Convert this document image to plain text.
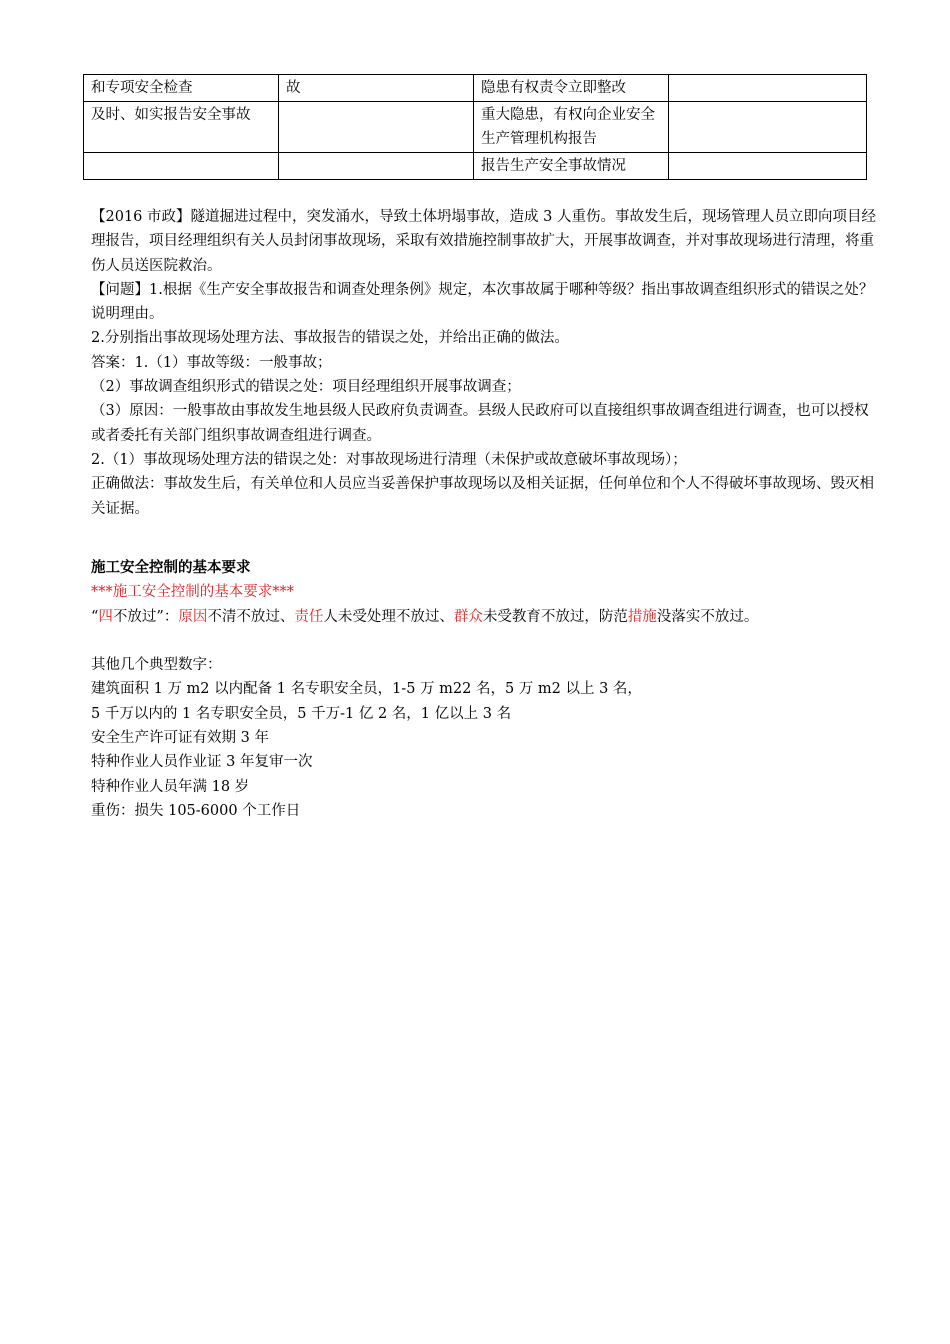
和专项安全检查	故	隐患有权责令立即整改	
及时、如实报告安全事故		重大隐患，有权向企业安全生产管理机构报告	
		报告生产安全事故情况	

【2016 市政】隧道掘进过程中，突发涌水，导致土体坍塌事故，造成 3 人重伤。事故发生后，现场管理人员立即向项目经理报告，项目经理组织有关人员封闭事故现场，采取有效措施控制事故扩大，开展事故调查，并对事故现场进行清理，将重伤人员送医院救治。

【问题】1.根据《生产安全事故报告和调查处理条例》规定，本次事故属于哪种等级？指出事故调查组织形式的错误之处？说明理由。

2.分别指出事故现场处理方法、事故报告的错误之处，并给出正确的做法。

答案：1.（1）事故等级：一般事故；

（2）事故调查组织形式的错误之处：项目经理组织开展事故调查；

（3）原因：一般事故由事故发生地县级人民政府负责调查。县级人民政府可以直接组织事故调查组进行调查，也可以授权或者委托有关部门组织事故调查组进行调查。

2.（1）事故现场处理方法的错误之处：对事故现场进行清理（未保护或故意破坏事故现场）；

正确做法：事故发生后，有关单位和人员应当妥善保护事故现场以及相关证据，任何单位和个人不得破坏事故现场、毁灭相关证据。

施工安全控制的基本要求

***施工安全控制的基本要求***

“四不放过”：原因不清不放过、责任人未受处理不放过、群众未受教育不放过，防范措施没落实不放过。

其他几个典型数字：

建筑面积 1 万 m2 以内配备 1 名专职安全员，1-5 万 m22 名，5 万 m2 以上 3 名，

5 千万以内的 1 名专职安全员，5 千万-1 亿 2 名，1 亿以上 3 名

安全生产许可证有效期 3 年

特种作业人员作业证 3 年复审一次

特种作业人员年满 18 岁

重伤：损失 105-6000 个工作日
